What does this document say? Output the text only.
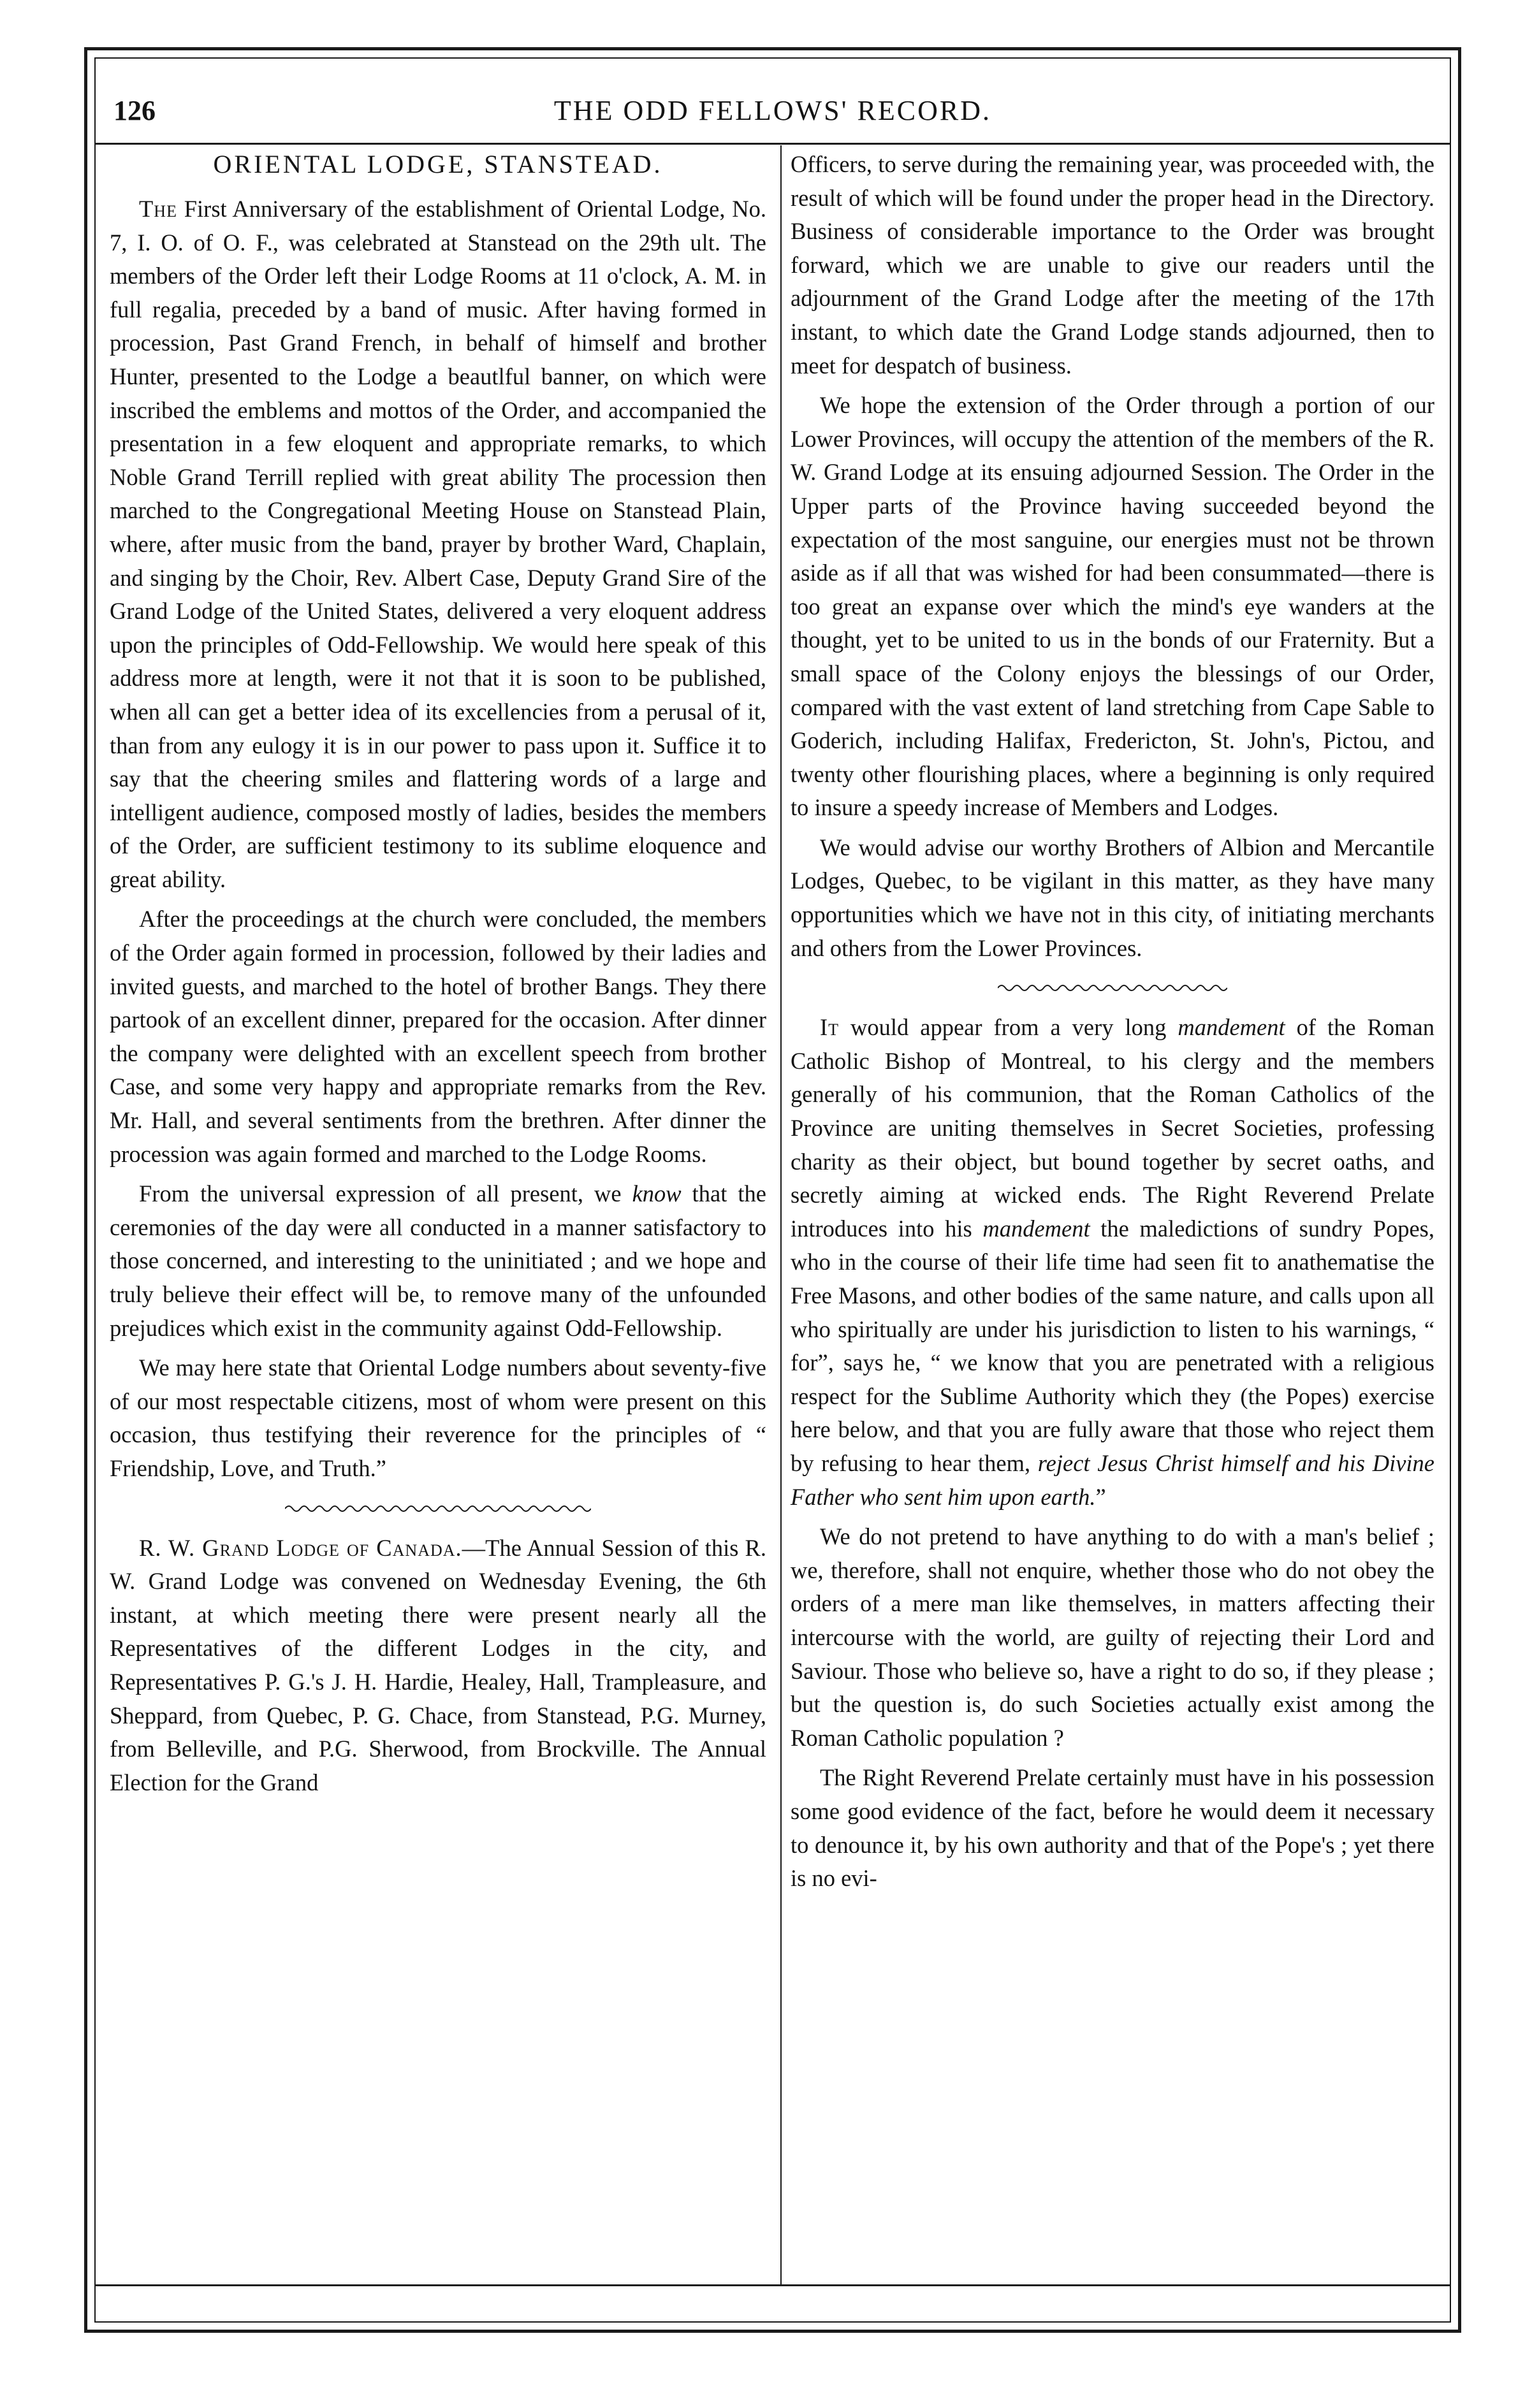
126	THE ODD FELLOWS' RECORD.
ORIENTAL LODGE, STANSTEAD.

The First Anniversary of the establishment of Oriental Lodge, No. 7, I. O. of O. F., was celebrated at Stanstead on the 29th ult. The members of the Order left their Lodge Rooms at 11 o'clock, A. M. in full regalia, preceded by a band of music. After having formed in procession, Past Grand French, in behalf of himself and brother Hunter, presented to the Lodge a beautlful banner, on which were inscribed the emblems and mottos of the Order, and accompanied the presentation in a few eloquent and appropriate remarks, to which Noble Grand Terrill replied with great ability The procession then marched to the Congregational Meeting House on Stanstead Plain, where, after music from the band, prayer by brother Ward, Chaplain, and singing by the Choir, Rev. Albert Case, Deputy Grand Sire of the Grand Lodge of the United States, delivered a very eloquent address upon the principles of Odd-Fellowship. We would here speak of this address more at length, were it not that it is soon to be published, when all can get a better idea of its excellencies from a perusal of it, than from any eulogy it is in our power to pass upon it. Suffice it to say that the cheering smiles and flattering words of a large and intelligent audience, composed mostly of ladies, besides the members of the Order, are sufficient testimony to its sublime eloquence and great ability.

After the proceedings at the church were concluded, the members of the Order again formed in procession, followed by their ladies and invited guests, and marched to the hotel of brother Bangs. They there partook of an excellent dinner, prepared for the occasion. After dinner the company were delighted with an excellent speech from brother Case, and some very happy and appropriate remarks from the Rev. Mr. Hall, and several sentiments from the brethren. After dinner the procession was again formed and marched to the Lodge Rooms.

From the universal expression of all present, we know that the ceremonies of the day were all conducted in a manner satisfactory to those concerned, and interesting to the uninitiated ; and we hope and truly believe their effect will be, to remove many of the unfounded prejudices which exist in the community against Odd-Fellowship.

We may here state that Oriental Lodge numbers about seventy-five of our most respectable citizens, most of whom were present on this occasion, thus testifying their reverence for the principles of “ Friendship, Love, and Truth.”

R. W. Grand Lodge of Canada.—The Annual Session of this R. W. Grand Lodge was convened on Wednesday Evening, the 6th instant, at which meeting there were present nearly all the Representatives of the different Lodges in the city, and Representatives P. G.'s J. H. Hardie, Healey, Hall, Trampleasure, and Sheppard, from Quebec, P. G. Chace, from Stanstead, P.G. Murney, from Belleville, and P.G. Sherwood, from Brockville. The Annual Election for the Grand

Officers, to serve during the remaining year, was proceeded with, the result of which will be found under the proper head in the Directory. Business of considerable importance to the Order was brought forward, which we are unable to give our readers until the adjournment of the Grand Lodge after the meeting of the 17th instant, to which date the Grand Lodge stands adjourned, then to meet for despatch of business.

We hope the extension of the Order through a portion of our Lower Provinces, will occupy the attention of the members of the R. W. Grand Lodge at its ensuing adjourned Session. The Order in the Upper parts of the Province having succeeded beyond the expectation of the most sanguine, our energies must not be thrown aside as if all that was wished for had been consummated—there is too great an expanse over which the mind's eye wanders at the thought, yet to be united to us in the bonds of our Fraternity. But a small space of the Colony enjoys the blessings of our Order, compared with the vast extent of land stretching from Cape Sable to Goderich, including Halifax, Fredericton, St. John's, Pictou, and twenty other flourishing places, where a beginning is only required to insure a speedy increase of Members and Lodges.

We would advise our worthy Brothers of Albion and Mercantile Lodges, Quebec, to be vigilant in this matter, as they have many opportunities which we have not in this city, of initiating merchants and others from the Lower Provinces.

It would appear from a very long mandement of the Roman Catholic Bishop of Montreal, to his clergy and the members generally of his communion, that the Roman Catholics of the Province are uniting themselves in Secret Societies, professing charity as their object, but bound together by secret oaths, and secretly aiming at wicked ends. The Right Reverend Prelate introduces into his mandement the maledictions of sundry Popes, who in the course of their life time had seen fit to anathematise the Free Masons, and other bodies of the same nature, and calls upon all who spiritually are under his jurisdiction to listen to his warnings, “ for”, says he, “ we know that you are penetrated with a religious respect for the Sublime Authority which they (the Popes) exercise here below, and that you are fully aware that those who reject them by refusing to hear them, reject Jesus Christ himself and his Divine Father who sent him upon earth.”

We do not pretend to have anything to do with a man's belief ; we, therefore, shall not enquire, whether those who do not obey the orders of a mere man like themselves, in matters affecting their intercourse with the world, are guilty of rejecting their Lord and Saviour. Those who believe so, have a right to do so, if they please ; but the question is, do such Societies actually exist among the Roman Catholic population ?

The Right Reverend Prelate certainly must have in his possession some good evidence of the fact, before he would deem it necessary to denounce it, by his own authority and that of the Pope's ; yet there is no evi-
